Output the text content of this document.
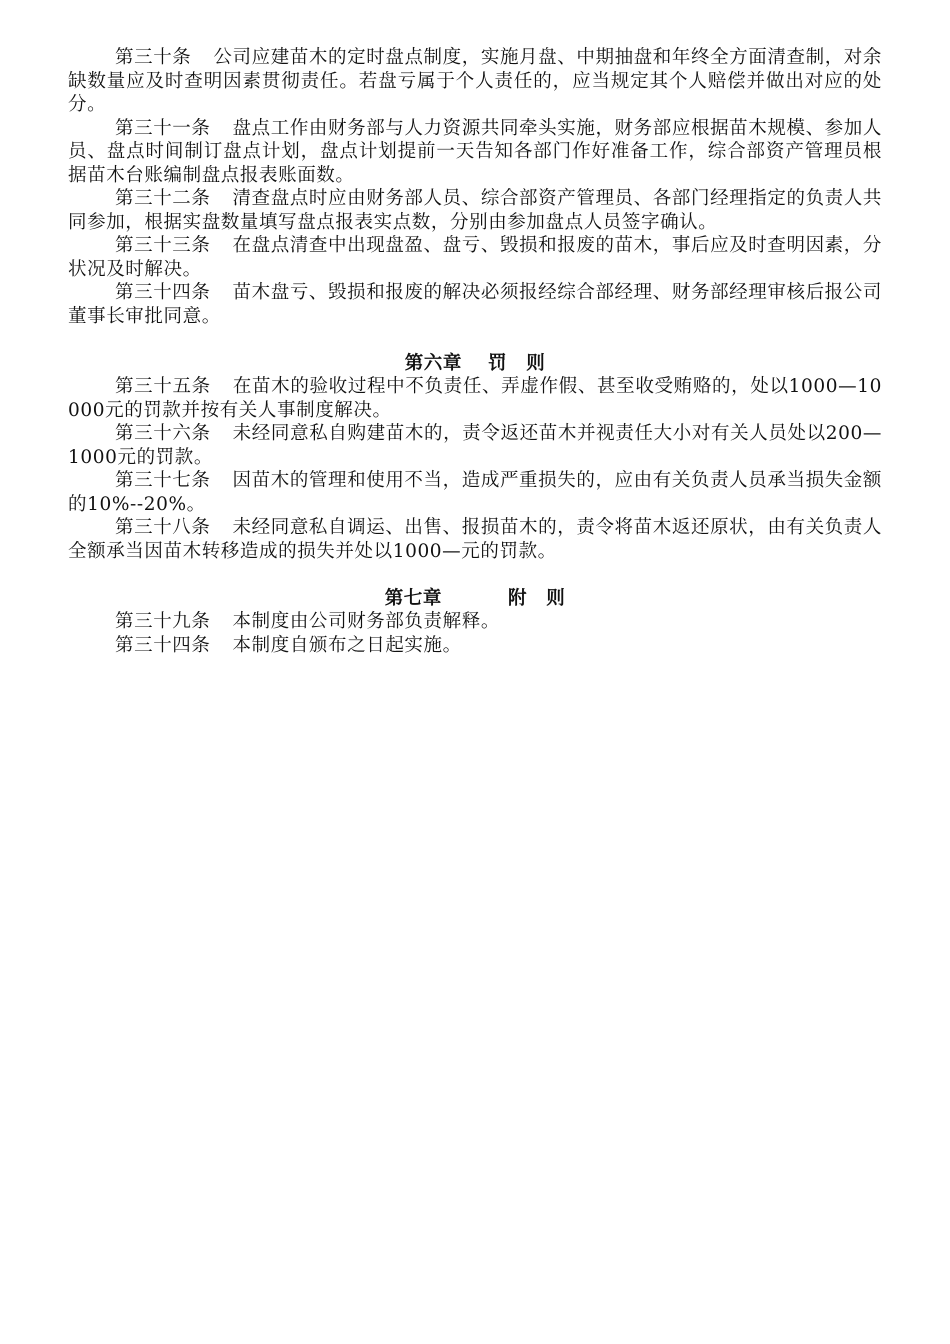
第三十条 公司应建苗木的定时盘点制度，实施月盘、中期抽盘和年终全方面清查制，对余缺数量应及时查明因素贯彻责任。若盘亏属于个人责任的，应当规定其个人赔偿并做出对应的处分。

第三十一条 盘点工作由财务部与人力资源共同牵头实施，财务部应根据苗木规模、参加人员、盘点时间制订盘点计划，盘点计划提前一天告知各部门作好准备工作，综合部资产管理员根据苗木台账编制盘点报表账面数。

第三十二条 清查盘点时应由财务部人员、综合部资产管理员、各部门经理指定的负责人共同参加，根据实盘数量填写盘点报表实点数，分别由参加盘点人员签字确认。

第三十三条 在盘点清查中出现盘盈、盘亏、毁损和报废的苗木，事后应及时查明因素，分状况及时解决。

第三十四条 苗木盘亏、毁损和报废的解决必须报经综合部经理、财务部经理审核后报公司董事长审批同意。

第六章 罚　则

第三十五条 在苗木的验收过程中不负责任、弄虚作假、甚至收受贿赂的，处以1000—10000元的罚款并按有关人事制度解决。

第三十六条 未经同意私自购建苗木的，责令返还苗木并视责任大小对有关人员处以200—1000元的罚款。

第三十七条 因苗木的管理和使用不当，造成严重损失的，应由有关负责人员承当损失金额的10%--20%。

第三十八条 未经同意私自调运、出售、报损苗木的，责令将苗木返还原状，由有关负责人全额承当因苗木转移造成的损失并处以1000—元的罚款。

第七章	附　则

第三十九条 本制度由公司财务部负责解释。

第三十四条 本制度自颁布之日起实施。
